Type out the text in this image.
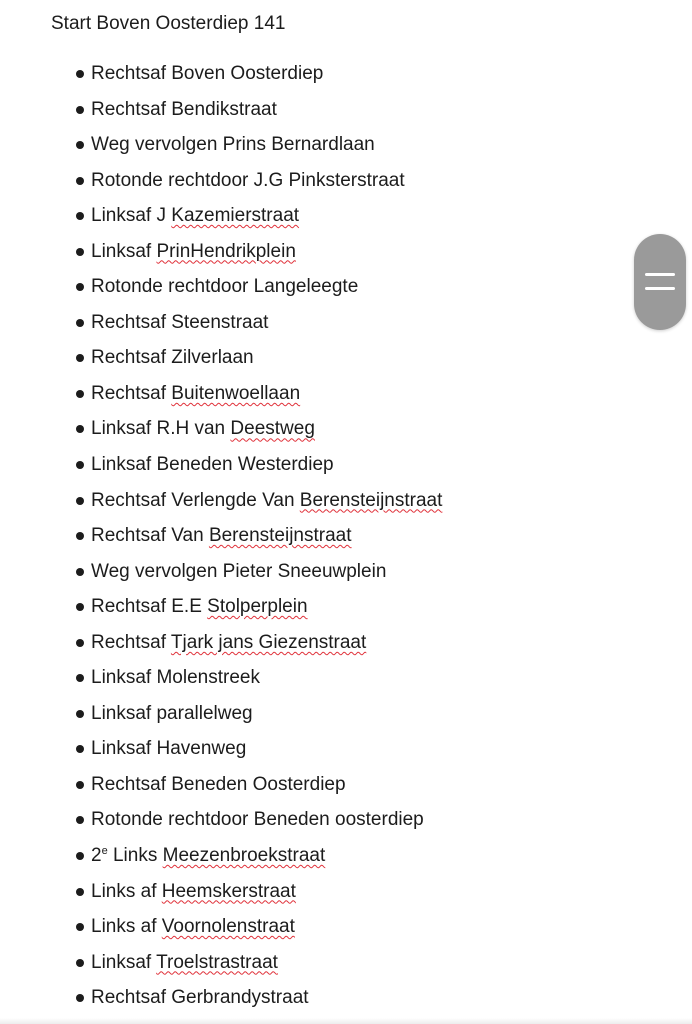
Start Boven Oosterdiep 141
Rechtsaf Boven Oosterdiep
Rechtsaf Bendikstraat
Weg vervolgen Prins Bernardlaan
Rotonde rechtdoor J.G Pinksterstraat
Linksaf J Kazemierstraat
Linksaf PrinHendrikplein
Rotonde rechtdoor Langeleegte
Rechtsaf Steenstraat
Rechtsaf Zilverlaan
Rechtsaf Buitenwoellaan
Linksaf R.H van Deestweg
Linksaf Beneden Westerdiep
Rechtsaf Verlengde Van Berensteijnstraat
Rechtsaf Van Berensteijnstraat
Weg vervolgen Pieter Sneeuwplein
Rechtsaf E.E Stolperplein
Rechtsaf Tjark jans Giezenstraat
Linksaf Molenstreek
Linksaf parallelweg
Linksaf Havenweg
Rechtsaf Beneden Oosterdiep
Rotonde rechtdoor Beneden oosterdiep
2e Links Meezenbroekstraat
Links af Heemskerstraat
Links af Voornolenstraat
Linksaf Troelstrastraat
Rechtsaf Gerbrandystraat
